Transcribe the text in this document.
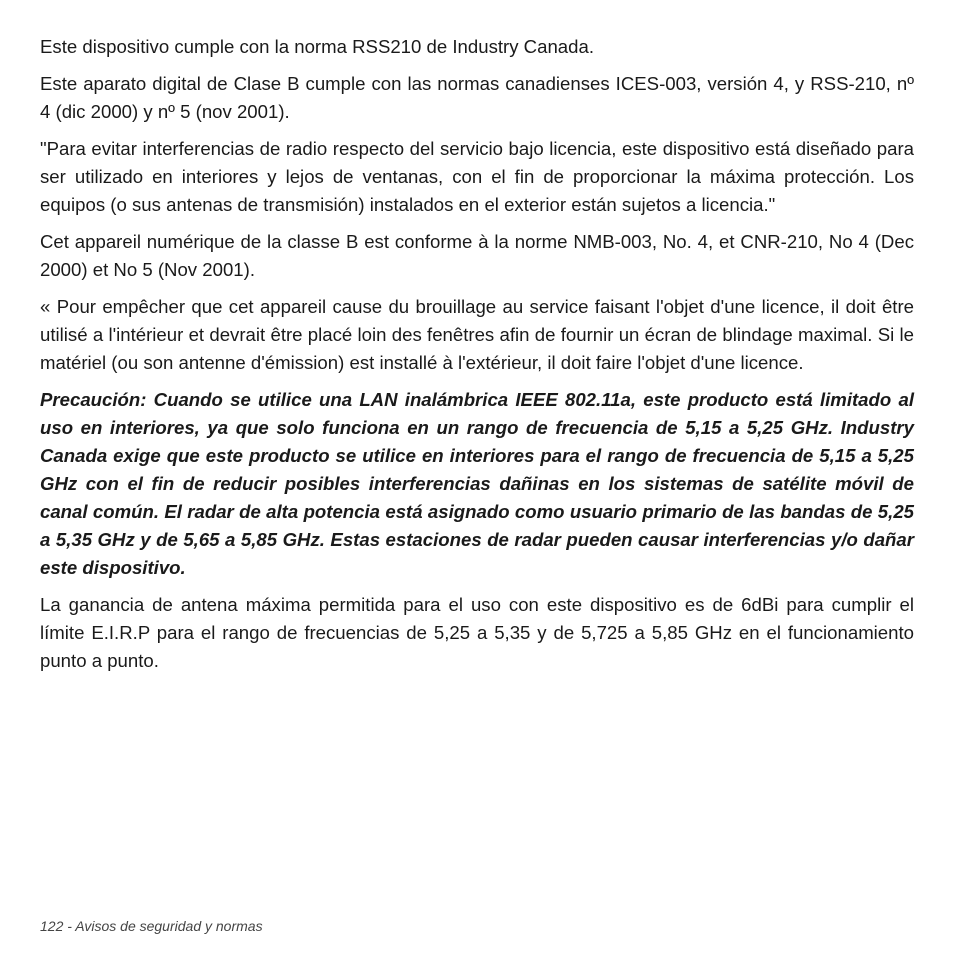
Este dispositivo cumple con la norma RSS210 de Industry Canada.

Este aparato digital de Clase B cumple con las normas canadienses ICES-003, versión 4, y RSS-210, nº 4 (dic 2000) y nº 5 (nov 2001).

"Para evitar interferencias de radio respecto del servicio bajo licencia, este dispositivo está diseñado para ser utilizado en interiores y lejos de ventanas, con el fin de proporcionar la máxima protección. Los equipos (o sus antenas de transmisión) instalados en el exterior están sujetos a licencia."

Cet appareil numérique de la classe B est conforme à la norme NMB-003, No. 4, et CNR-210, No 4 (Dec 2000) et No 5 (Nov 2001).

« Pour empêcher que cet appareil cause du brouillage au service faisant l'objet d'une licence, il doit être utilisé a l'intérieur et devrait être placé loin des fenêtres afin de fournir un écran de blindage maximal. Si le matériel (ou son antenne d'émission) est installé à l'extérieur, il doit faire l'objet d'une licence.

Precaución: Cuando se utilice una LAN inalámbrica IEEE 802.11a, este producto está limitado al uso en interiores, ya que solo funciona en un rango de frecuencia de 5,15 a 5,25 GHz. Industry Canada exige que este producto se utilice en interiores para el rango de frecuencia de 5,15 a 5,25 GHz con el fin de reducir posibles interferencias dañinas en los sistemas de satélite móvil de canal común. El radar de alta potencia está asignado como usuario primario de las bandas de 5,25 a 5,35 GHz y de 5,65 a 5,85 GHz. Estas estaciones de radar pueden causar interferencias y/o dañar este dispositivo.

La ganancia de antena máxima permitida para el uso con este dispositivo es de 6dBi para cumplir el límite E.I.R.P para el rango de frecuencias de 5,25 a 5,35 y de 5,725 a 5,85 GHz en el funcionamiento punto a punto.

122 - Avisos de seguridad y normas
